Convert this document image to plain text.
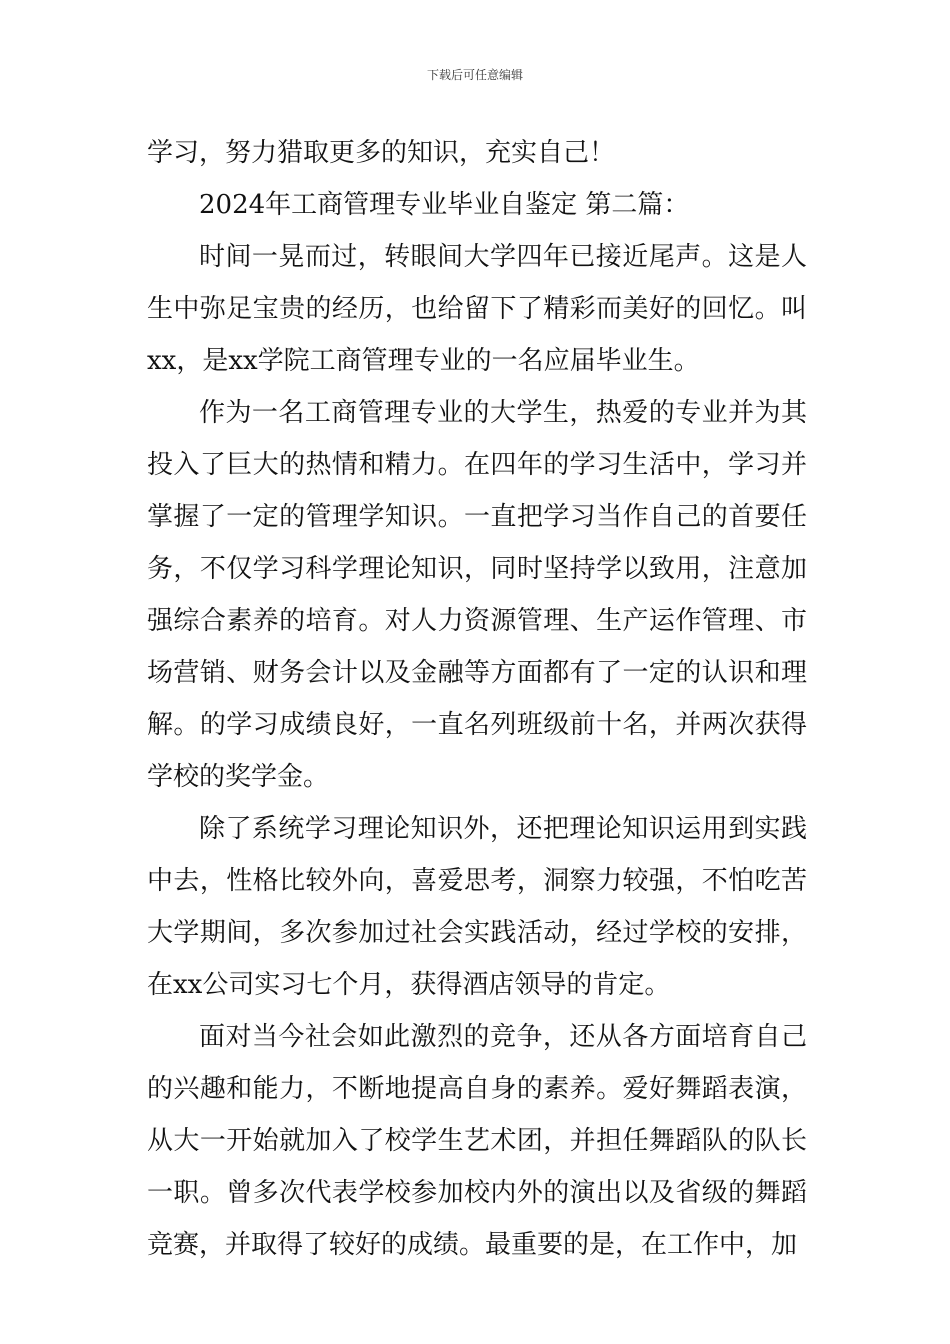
下载后可任意编辑

学习，努力猎取更多的知识，充实自己！

2024年工商管理专业毕业自鉴定 第二篇：

时间一晃而过，转眼间大学四年已接近尾声。这是人生中弥足宝贵的经历，也给留下了精彩而美好的回忆。叫xx，是xx学院工商管理专业的一名应届毕业生。

作为一名工商管理专业的大学生，热爱的专业并为其投入了巨大的热情和精力。在四年的学习生活中，学习并掌握了一定的管理学知识。一直把学习当作自己的首要任务，不仅学习科学理论知识，同时坚持学以致用，注意加强综合素养的培育。对人力资源管理、生产运作管理、市场营销、财务会计以及金融等方面都有了一定的认识和理解。的学习成绩良好，一直名列班级前十名，并两次获得学校的奖学金。

除了系统学习理论知识外，还把理论知识运用到实践中去，性格比较外向，喜爱思考，洞察力较强，不怕吃苦大学期间，多次参加过社会实践活动，经过学校的安排，在xx公司实习七个月，获得酒店领导的肯定。

面对当今社会如此激烈的竞争，还从各方面培育自己的兴趣和能力，不断地提高自身的素养。爱好舞蹈表演，从大一开始就加入了校学生艺术团，并担任舞蹈队的队长一职。曾多次代表学校参加校内外的演出以及省级的舞蹈竞赛，并取得了较好的成绩。最重要的是，在工作中，加
